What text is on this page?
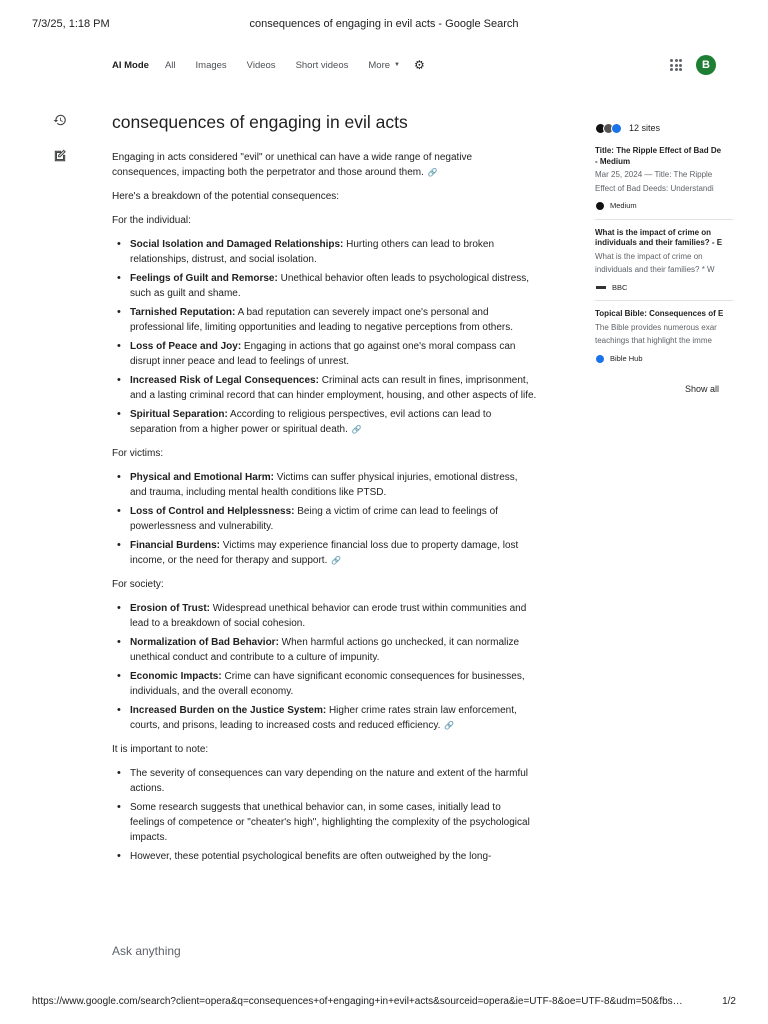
7/3/25, 1:18 PM	consequences of engaging in evil acts - Google Search
AI Mode All Images Videos Short videos More ▼ ⚙	B
consequences of engaging in evil acts

Engaging in acts considered "evil" or unethical can have a wide range of negative consequences, impacting both the perpetrator and those around them. 🔗

Here's a breakdown of the potential consequences:

For the individual:
• Social Isolation and Damaged Relationships: Hurting others can lead to broken relationships, distrust, and social isolation.
• Feelings of Guilt and Remorse: Unethical behavior often leads to psychological distress, such as guilt and shame.
• Tarnished Reputation: A bad reputation can severely impact one's personal and professional life, limiting opportunities and leading to negative perceptions from others.
• Loss of Peace and Joy: Engaging in actions that go against one's moral compass can disrupt inner peace and lead to feelings of unrest.
• Increased Risk of Legal Consequences: Criminal acts can result in fines, imprisonment, and a lasting criminal record that can hinder employment, housing, and other aspects of life.
• Spiritual Separation: According to religious perspectives, evil actions can lead to separation from a higher power or spiritual death. 🔗
For victims:
• Physical and Emotional Harm: Victims can suffer physical injuries, emotional distress, and trauma, including mental health conditions like PTSD.
• Loss of Control and Helplessness: Being a victim of crime can lead to feelings of powerlessness and vulnerability.
• Financial Burdens: Victims may experience financial loss due to property damage, lost income, or the need for therapy and support. 🔗
For society:
• Erosion of Trust: Widespread unethical behavior can erode trust within communities and lead to a breakdown of social cohesion.
• Normalization of Bad Behavior: When harmful actions go unchecked, it can normalize unethical conduct and contribute to a culture of impunity.
• Economic Impacts: Crime can have significant economic consequences for businesses, individuals, and the overall economy.
• Increased Burden on the Justice System: Higher crime rates strain law enforcement, courts, and prisons, leading to increased costs and reduced efficiency. 🔗
It is important to note:
• The severity of consequences can vary depending on the nature and extent of the harmful actions.
• Some research suggests that unethical behavior can, in some cases, initially lead to feelings of competence or "cheater's high", highlighting the complexity of the psychological impacts.
• However, these potential psychological benefits are often outweighed by the long-
Ask anything
12 sites
Title: The Ripple Effect of Bad De
- Medium
Mar 25, 2024 — Title: The Ripple
Effect of Bad Deeds: Understandi
Medium
What is the impact of crime on
individuals and their families? - E
What is the impact of crime on
individuals and their families? * W
BBC
Topical Bible: Consequences of E
The Bible provides numerous exar
teachings that highlight the imme
Bible Hub
Show all
https://www.google.com/search?client=opera&q=consequences+of+engaging+in+evil+acts&sourceid=opera&ie=UTF-8&oe=UTF-8&udm=50&fbs…	1/2
